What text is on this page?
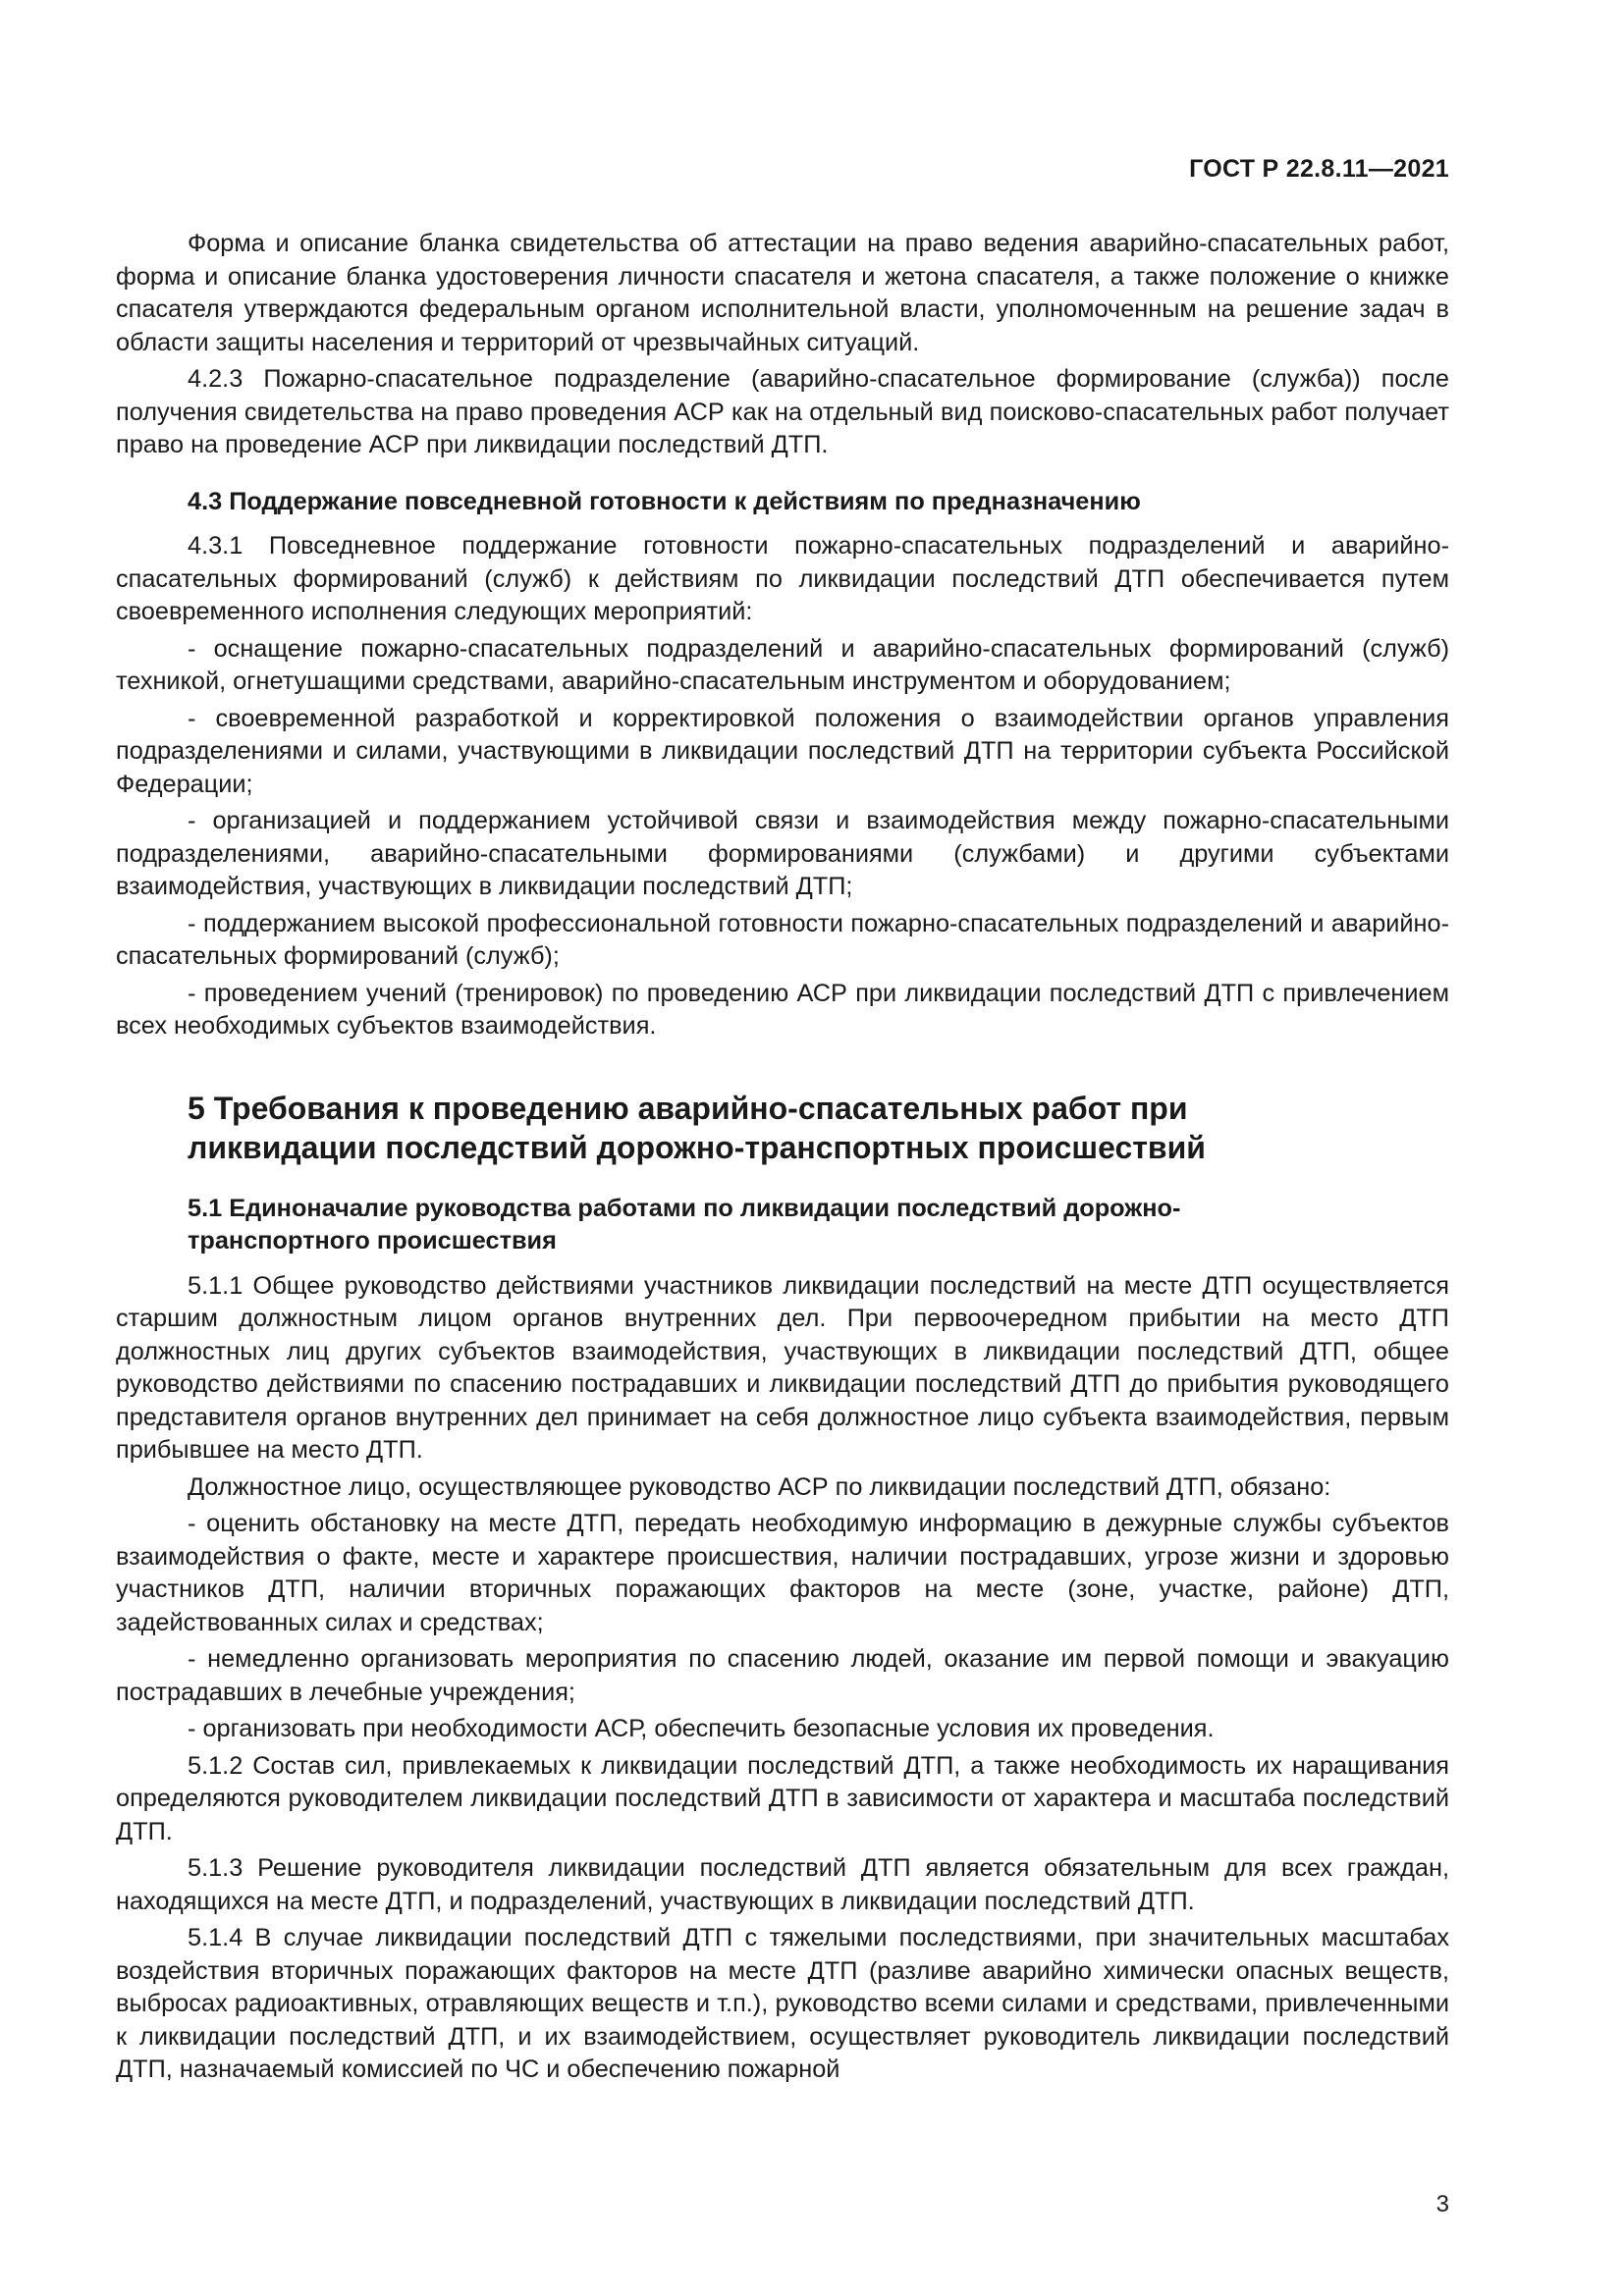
ГОСТ Р 22.8.11—2021

Форма и описание бланка свидетельства об аттестации на право ведения аварийно-спасательных работ, форма и описание бланка удостоверения личности спасателя и жетона спасателя, а также положение о книжке спасателя утверждаются федеральным органом исполнительной власти, уполномоченным на решение задач в области защиты населения и территорий от чрезвычайных ситуаций.

4.2.3 Пожарно-спасательное подразделение (аварийно-спасательное формирование (служба)) после получения свидетельства на право проведения АСР как на отдельный вид поисково-спасательных работ получает право на проведение АСР при ликвидации последствий ДТП.

4.3 Поддержание повседневной готовности к действиям по предназначению

4.3.1 Повседневное поддержание готовности пожарно-спасательных подразделений и аварийно-спасательных формирований (служб) к действиям по ликвидации последствий ДТП обеспечивается путем своевременного исполнения следующих мероприятий:

- оснащение пожарно-спасательных подразделений и аварийно-спасательных формирований (служб) техникой, огнетушащими средствами, аварийно-спасательным инструментом и оборудованием;

- своевременной разработкой и корректировкой положения о взаимодействии органов управления подразделениями и силами, участвующими в ликвидации последствий ДТП на территории субъекта Российской Федерации;

- организацией и поддержанием устойчивой связи и взаимодействия между пожарно-спасательными подразделениями, аварийно-спасательными формированиями (службами) и другими субъектами взаимодействия, участвующих в ликвидации последствий ДТП;

- поддержанием высокой профессиональной готовности пожарно-спасательных подразделений и аварийно-спасательных формирований (служб);

- проведением учений (тренировок) по проведению АСР при ликвидации последствий ДТП с привлечением всех необходимых субъектов взаимодействия.

5 Требования к проведению аварийно-спасательных работ при
ликвидации последствий дорожно-транспортных происшествий
5.1 Единоначалие руководства работами по ликвидации последствий дорожно-транспортного происшествия

5.1.1 Общее руководство действиями участников ликвидации последствий на месте ДТП осуществляется старшим должностным лицом органов внутренних дел. При первоочередном прибытии на место ДТП должностных лиц других субъектов взаимодействия, участвующих в ликвидации последствий ДТП, общее руководство действиями по спасению пострадавших и ликвидации последствий ДТП до прибытия руководящего представителя органов внутренних дел принимает на себя должностное лицо субъекта взаимодействия, первым прибывшее на место ДТП.

Должностное лицо, осуществляющее руководство АСР по ликвидации последствий ДТП, обязано:

- оценить обстановку на месте ДТП, передать необходимую информацию в дежурные службы субъектов взаимодействия о факте, месте и характере происшествия, наличии пострадавших, угрозе жизни и здоровью участников ДТП, наличии вторичных поражающих факторов на месте (зоне, участке, районе) ДТП, задействованных силах и средствах;

- немедленно организовать мероприятия по спасению людей, оказание им первой помощи и эвакуацию пострадавших в лечебные учреждения;

- организовать при необходимости АСР, обеспечить безопасные условия их проведения.

5.1.2 Состав сил, привлекаемых к ликвидации последствий ДТП, а также необходимость их наращивания определяются руководителем ликвидации последствий ДТП в зависимости от характера и масштаба последствий ДТП.

5.1.3 Решение руководителя ликвидации последствий ДТП является обязательным для всех граждан, находящихся на месте ДТП, и подразделений, участвующих в ликвидации последствий ДТП.

5.1.4 В случае ликвидации последствий ДТП с тяжелыми последствиями, при значительных масштабах воздействия вторичных поражающих факторов на месте ДТП (разливе аварийно химически опасных веществ, выбросах радиоактивных, отравляющих веществ и т.п.), руководство всеми силами и средствами, привлеченными к ликвидации последствий ДТП, и их взаимодействием, осуществляет руководитель ликвидации последствий ДТП, назначаемый комиссией по ЧС и обеспечению пожарной

3
